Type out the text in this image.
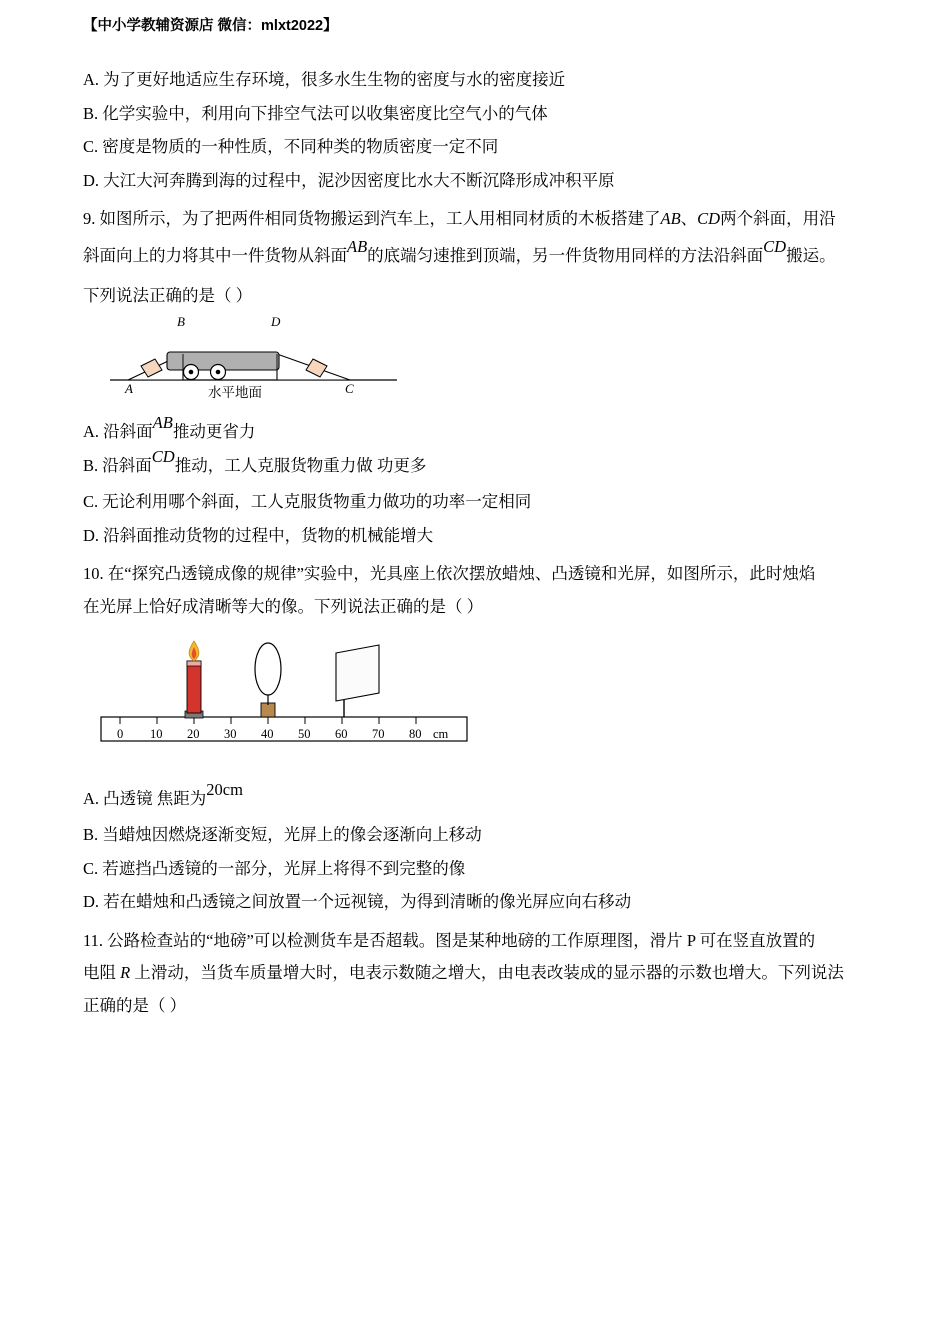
【中小学教辅资源店 微信：mlxt2022】
A. 为了更好地适应生存环境，很多水生生物的密度与水的密度接近
B. 化学实验中，利用向下排空气法可以收集密度比空气小的气体
C. 密度是物质的一种性质，不同种类的物质密度一定不同
D. 大江大河奔腾到海的过程中，泥沙因密度比水大不断沉降形成冲积平原
9. 如图所示，为了把两件相同货物搬运到汽车上，工人用相同材质的木板搭建了AB、CD两个斜面，用沿
斜面向上的力将其中一件货物从斜面AB的底端匀速推到顶端，另一件货物用同样的方法沿斜面CD搬运。
下列说法正确的是（ ）
B	D
A	C
水平地面
A. 沿斜面AB推动更省力
B. 沿斜面CD推动，工人克服货物重力做 功更多
C. 无论利用哪个斜面，工人克服货物重力做功的功率一定相同
D. 沿斜面推动货物的过程中，货物的机械能增大
10. 在“探究凸透镜成像的规律”实验中，光具座上依次摆放蜡烛、凸透镜和光屏，如图所示，此时烛焰
在光屏上恰好成清晰等大的像。下列说法正确的是（ ）
0 10 20 30 40 50 60 70 80 cm
A. 凸透镜 焦距为20cm
B. 当蜡烛因燃烧逐渐变短，光屏上的像会逐渐向上移动
C. 若遮挡凸透镜的一部分，光屏上将得不到完整的像
D. 若在蜡烛和凸透镜之间放置一个远视镜，为得到清晰的像光屏应向右移动
11. 公路检查站的“地磅”可以检测货车是否超载。图是某种地磅的工作原理图，滑片 P 可在竖直放置的
电阻 R 上滑动，当货车质量增大时，电表示数随之增大，由电表改装成的显示器的示数也增大。下列说法
正确的是（ ）
